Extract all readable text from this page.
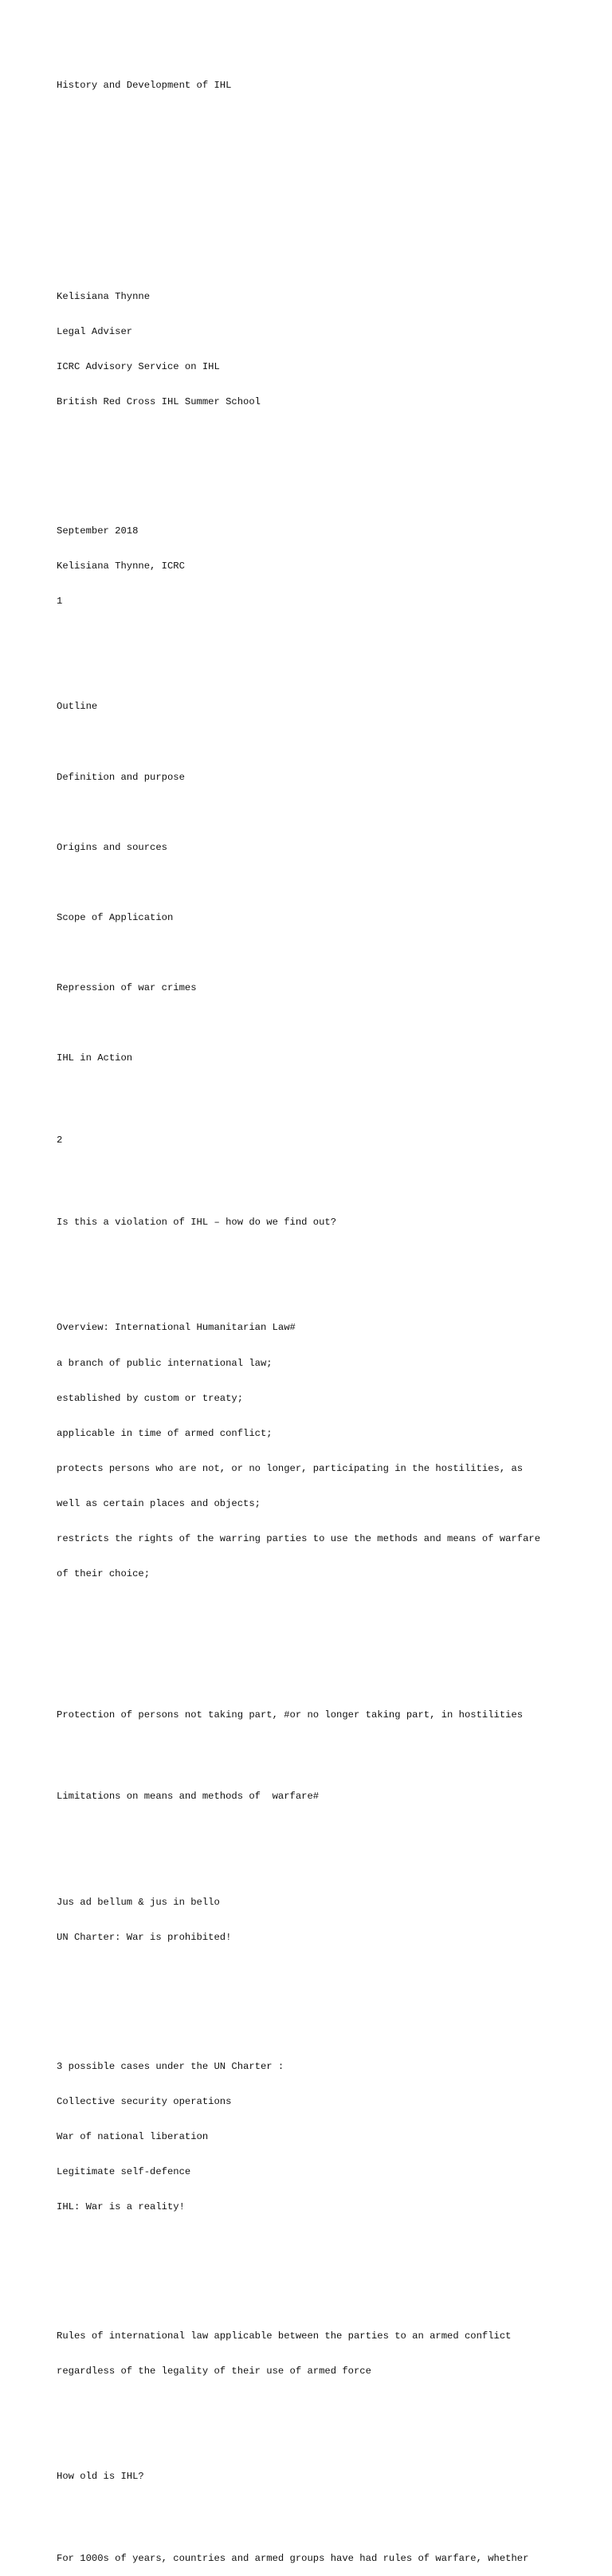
History and Development of IHL

Kelisiana Thynne

Legal Adviser

ICRC Advisory Service on IHL

British Red Cross IHL Summer School

September 2018

Kelisiana Thynne, ICRC

1

Outline

Definition and purpose

Origins and sources

Scope of Application

Repression of war crimes

IHL in Action

2

Is this a violation of IHL – how do we find out?

Overview: International Humanitarian Law#

a branch of public international law;

established by custom or treaty;

applicable in time of armed conflict;

protects persons who are not, or no longer, participating in the hostilities, as

well as certain places and objects;

restricts the rights of the warring parties to use the methods and means of warfare

of their choice;

Protection of persons not taking part, #or no longer taking part, in hostilities

Limitations on means and methods of  warfare#

Jus ad bellum & jus in bello

UN Charter: War is prohibited!

3 possible cases under the UN Charter :

Collective security operations

War of national liberation

Legitimate self-defence

IHL: War is a reality!

Rules of international law applicable between the parties to an armed conflict

regardless of the legality of their use of armed force

How old is IHL?

For 1000s of years, countries and armed groups have had rules of warfare, whether
